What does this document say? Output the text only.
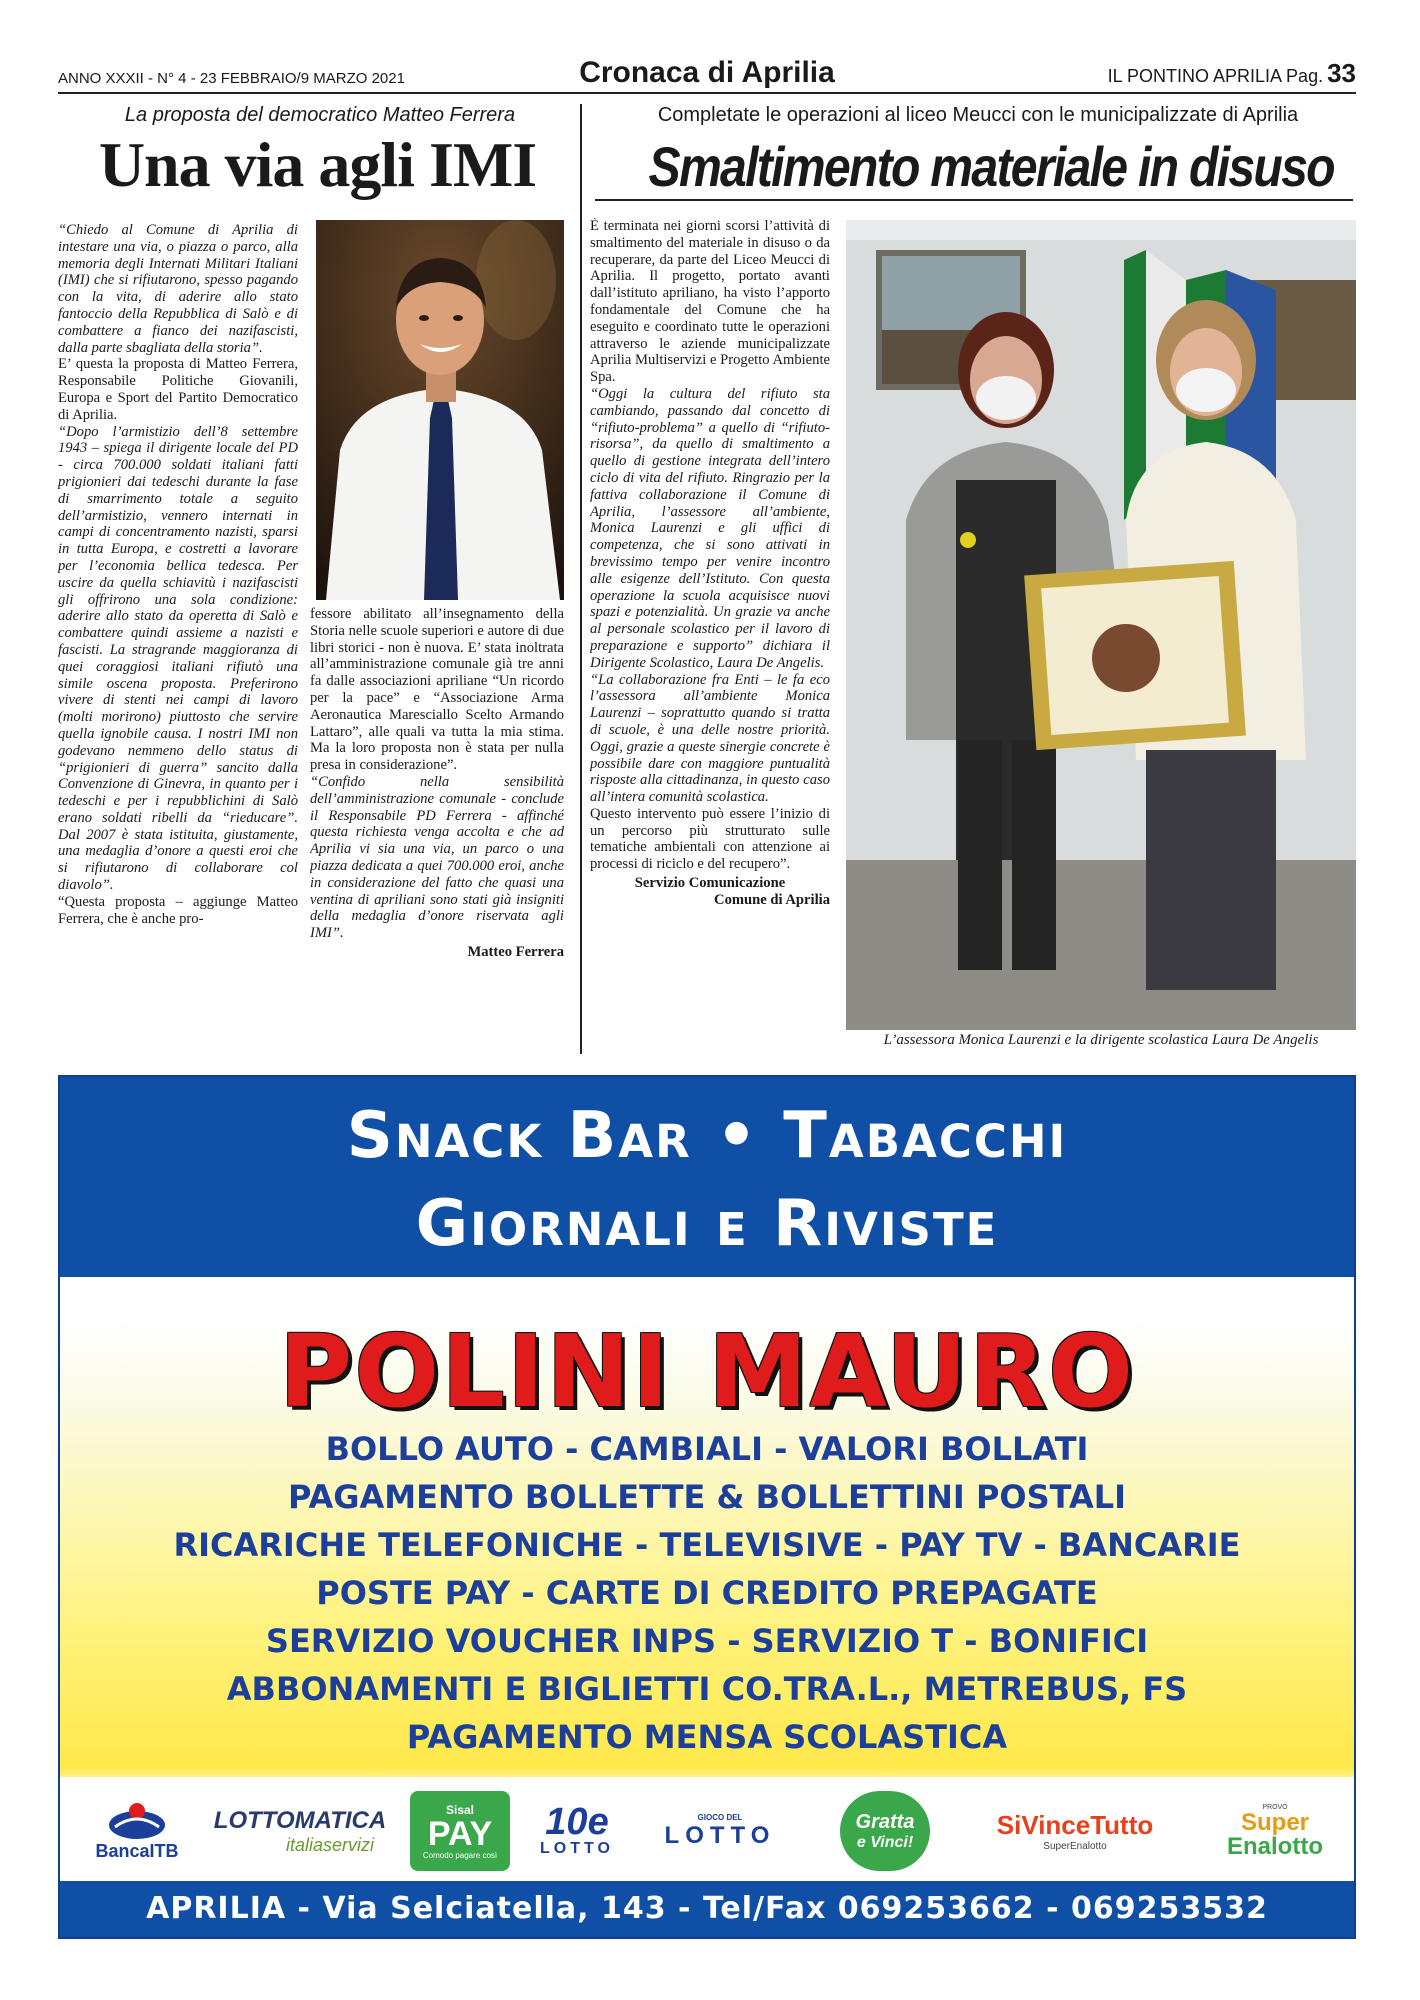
ANNO XXXII - N° 4 - 23 FEBBRAIO/9 MARZO 2021	Cronaca di Aprilia	IL PONTINO APRILIA Pag. 33
La proposta del democratico Matteo Ferrera
Una via agli IMI

“Chiedo al Comune di Aprilia di intestare una via, o piazza o parco, alla memoria degli Internati Militari Italiani (IMI) che si rifiutarono, spesso pagando con la vita, di aderire allo stato fantoccio della Repubblica di Salò e di combattere a fianco dei nazifascisti, dalla parte sbagliata della storia”.

E’ questa la proposta di Matteo Ferrera, Responsabile Politiche Giovanili, Europa e Sport del Partito Democratico di Aprilia.

“Dopo l’armistizio dell’8 settembre 1943 – spiega il dirigente locale del PD - circa 700.000 soldati italiani fatti prigionieri dai tedeschi durante la fase di smarrimento totale a seguito dell’armistizio, vennero internati in campi di concentramento nazisti, sparsi in tutta Europa, e costretti a lavorare per l’economia bellica tedesca. Per uscire da quella schiavitù i nazifascisti gli offrirono una sola condizione: aderire allo stato da operetta di Salò e combattere quindi assieme a nazisti e fascisti. La stragrande maggioranza di quei coraggiosi italiani rifiutò una simile oscena proposta. Preferirono vivere di stenti nei campi di lavoro (molti morirono) piuttosto che servire quella ignobile causa. I nostri IMI non godevano nemmeno dello status di “prigionieri di guerra” sancito dalla Convenzione di Ginevra, in quanto per i tedeschi e per i repubblichini di Salò erano soldati ribelli da “rieducare”. Dal 2007 è stata istituita, giustamente, una medaglia d’onore a questi eroi che si rifiutarono di collaborare col diavolo”.

“Questa proposta – aggiunge Matteo Ferrera, che è anche pro-

fessore abilitato all’insegnamento della Storia nelle scuole superiori e autore di due libri storici - non è nuova. E’ stata inoltrata all’amministrazione comunale già tre anni fa dalle associazioni apriliane “Un ricordo per la pace” e “Associazione Arma Aeronautica Maresciallo Scelto Armando Lattaro”, alle quali va tutta la mia stima. Ma la loro proposta non è stata per nulla presa in considerazione”.

“Confido nella sensibilità dell’amministrazione comunale - conclude il Responsabile PD Ferrera - affinché questa richiesta venga accolta e che ad Aprilia vi sia una via, un parco o una piazza dedicata a quei 700.000 eroi, anche in considerazione del fatto che quasi una ventina di apriliani sono stati già insigniti della medaglia d’onore riservata agli IMI”.

Matteo Ferrera
Completate le operazioni al liceo Meucci con le municipalizzate di Aprilia
Smaltimento materiale in disuso

È terminata nei giorni scorsi l’attività di smaltimento del materiale in disuso o da recuperare, da parte del Liceo Meucci di Aprilia. Il progetto, portato avanti dall’istituto apriliano, ha visto l’apporto fondamentale del Comune che ha eseguito e coordinato tutte le operazioni attraverso le aziende municipalizzate Aprilia Multiservizi e Progetto Ambiente Spa.

“Oggi la cultura del rifiuto sta cambiando, passando dal concetto di “rifiuto-problema” a quello di “rifiuto-risorsa”, da quello di smaltimento a quello di gestione integrata dell’intero ciclo di vita del rifiuto. Ringrazio per la fattiva collaborazione il Comune di Aprilia, l’assessore all’ambiente, Monica Laurenzi e gli uffici di competenza, che si sono attivati in brevissimo tempo per venire incontro alle esigenze dell’Istituto. Con questa operazione la scuola acquisisce nuovi spazi e potenzialità. Un grazie va anche al personale scolastico per il lavoro di preparazione e supporto” dichiara il Dirigente Scolastico, Laura De Angelis.

“La collaborazione fra Enti – le fa eco l’assessora all’ambiente Monica Laurenzi – soprattutto quando si tratta di scuole, è una delle nostre priorità. Oggi, grazie a queste sinergie concrete è possibile dare con maggiore puntualità risposte alla cittadinanza, in questo caso all’intera comunità scolastica.

Questo intervento può essere l’inizio di un percorso più strutturato sulle tematiche ambientali con attenzione ai processi di riciclo e del recupero”.

Servizio Comunicazione
Comune di Aprilia
L’assessora Monica Laurenzi e la dirigente scolastica Laura De Angelis
Snack Bar • Tabacchi
Giornali e Riviste
POLINI MAURO
BOLLO AUTO - CAMBIALI - VALORI BOLLATI
PAGAMENTO BOLLETTE & BOLLETTINI POSTALI
RICARICHE TELEFONICHE - TELEVISIVE - PAY TV - BANCARIE
POSTE PAY - CARTE DI CREDITO PREPAGATE
SERVIZIO VOUCHER INPS - SERVIZIO T - BONIFICI
ABBONAMENTI E BIGLIETTI CO.TRA.L., METREBUS, FS
PAGAMENTO MENSA SCOLASTICA
BancaITB
LOTTOMATICA
italiaservizi
Sisal
PAY
Comodo pagare così
10e
LOTTO
GIOCO DEL
LOTTO	Gratta
e Vinci!
SiVinceTutto
SuperEnalotto
PROVO
Super
Enalotto
APRILIA - Via Selciatella, 143 - Tel/Fax 069253662 - 069253532
